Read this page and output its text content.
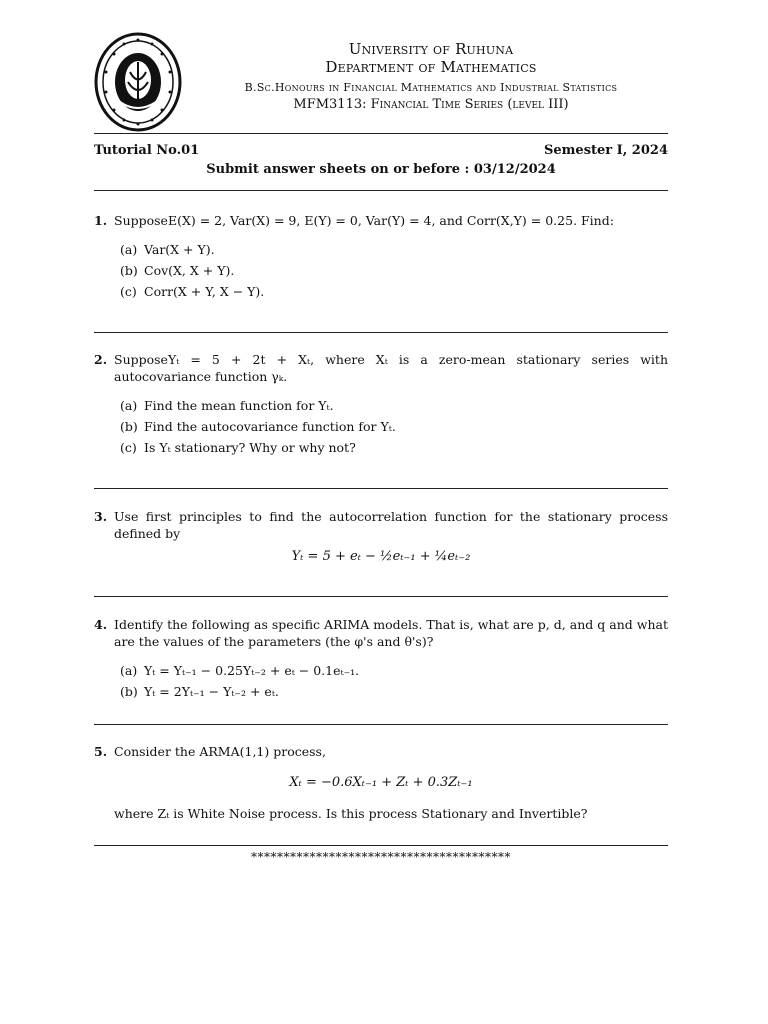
University of Ruhuna
Department of Mathematics
B.Sc.Honours in Financial Mathematics and Industrial Statistics
MFM3113: Financial Time Series (level III)
Tutorial No.01	Semester I, 2024
Submit answer sheets on or before : 03/12/2024
1. SupposeE(X) = 2, Var(X) = 9, E(Y) = 0, Var(Y) = 4, and Corr(X,Y) = 0.25. Find:
(a) Var(X + Y).
(b) Cov(X, X + Y).
(c) Corr(X + Y, X − Y).
2. SupposeYₜ = 5 + 2t + Xₜ, where Xₜ is a zero-mean stationary series with autocovariance function γₖ.
(a) Find the mean function for Yₜ.
(b) Find the autocovariance function for Yₜ.
(c) Is Yₜ stationary? Why or why not?
3. Use first principles to find the autocorrelation function for the stationary process defined by
Yₜ = 5 + eₜ − ½eₜ₋₁ + ¼eₜ₋₂
4. Identify the following as specific ARIMA models. That is, what are p, d, and q and what are the values of the parameters (the φ's and θ's)?
(a) Yₜ = Yₜ₋₁ − 0.25Yₜ₋₂ + eₜ − 0.1eₜ₋₁.
(b) Yₜ = 2Yₜ₋₁ − Yₜ₋₂ + eₜ.
5. Consider the ARMA(1,1) process,
Xₜ = −0.6Xₜ₋₁ + Zₜ + 0.3Zₜ₋₁
where Zₜ is White Noise process. Is this process Stationary and Invertible?
****************************************
